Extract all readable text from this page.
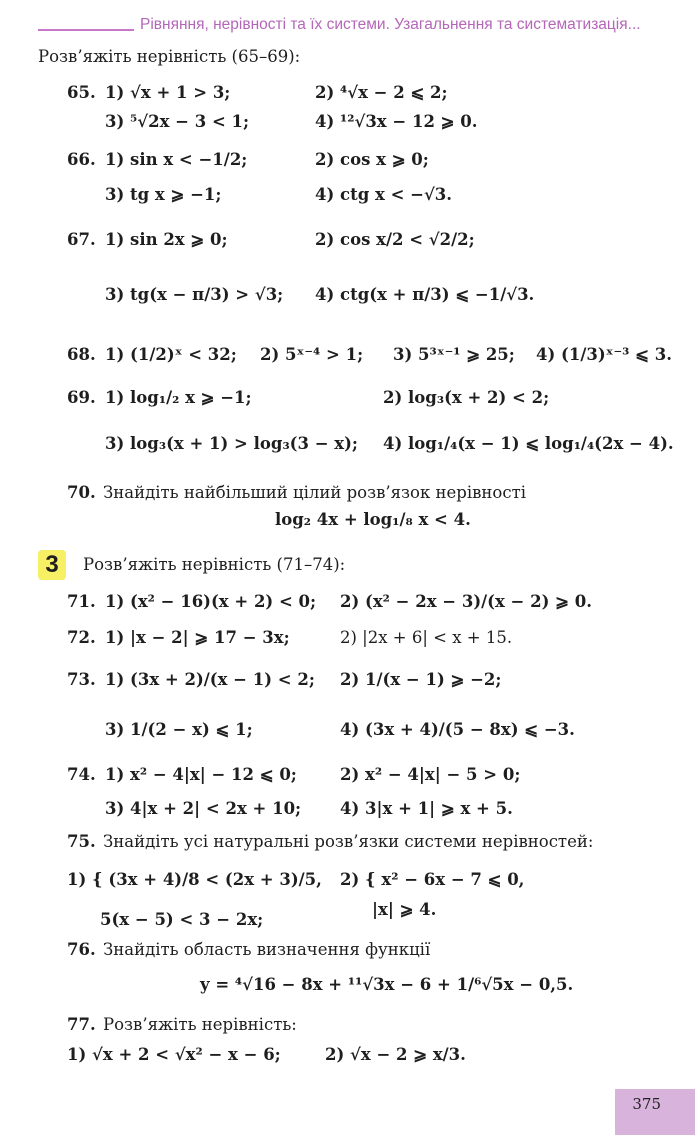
Рівняння, нерівності та їх системи. Узагальнення та систематизація...
Розв’яжіть нерівність (65–69):
65. 1) √x + 1 > 3;	2) ⁴√x − 2 ⩽ 2;
3) ⁵√2x − 3 < 1;	4) ¹²√3x − 12 ⩾ 0.
66. 1) sin x < −1/2;	2) cos x ⩾ 0;
3) tg x ⩾ −1;	4) ctg x < −√3.
67. 1) sin 2x ⩾ 0;	2) cos x/2 < √2/2;
3) tg(x − π/3) > √3; 4) ctg(x + π/3) ⩽ −1/√3.
68. 1) (1/2)ˣ < 32; 2) 5ˣ⁻⁴ > 1; 3) 5³ˣ⁻¹ ⩾ 25; 4) (1/3)ˣ⁻³ ⩽ 3.
69. 1) log₁/₂ x ⩾ −1;	2) log₃(x + 2) < 2;
3) log₃(x + 1) > log₃(3 − x); 4) log₁/₄(x − 1) ⩽ log₁/₄(2x − 4).
70. Знайдіть найбільший цілий розв’язок нерівності
log₂ 4x + log₁/₈ x < 4.
3	Розв’яжіть нерівність (71–74):
71. 1) (x² − 16)(x + 2) < 0; 2) (x² − 2x − 3)/(x − 2) ⩾ 0.
72. 1) |x − 2| ⩾ 17 − 3x;	2) |2x + 6| < x + 15.
73. 1) (3x + 2)/(x − 1) < 2; 2) 1/(x − 1) ⩾ −2;
3) 1/(2 − x) ⩽ 1;	4) (3x + 4)/(5 − 8x) ⩽ −3.
74. 1) x² − 4|x| − 12 ⩽ 0;	2) x² − 4|x| − 5 > 0;
3) 4|x + 2| < 2x + 10; 4) 3|x + 1| ⩾ x + 5.
75. Знайдіть усі натуральні розв’язки системи нерівностей:
1) { (3x + 4)/8 < (2x + 3)/5,
5(x − 5) < 3 − 2x;
2) { x² − 6x − 7 ⩽ 0,
|x| ⩾ 4.
76. Знайдіть область визначення функції
y = ⁴√16 − 8x + ¹¹√3x − 6 + 1/⁶√5x − 0,5.
77. Розв’яжіть нерівність:
1) √x + 2 < √x² − x − 6;	2) √x − 2 ⩾ x/3.
375
